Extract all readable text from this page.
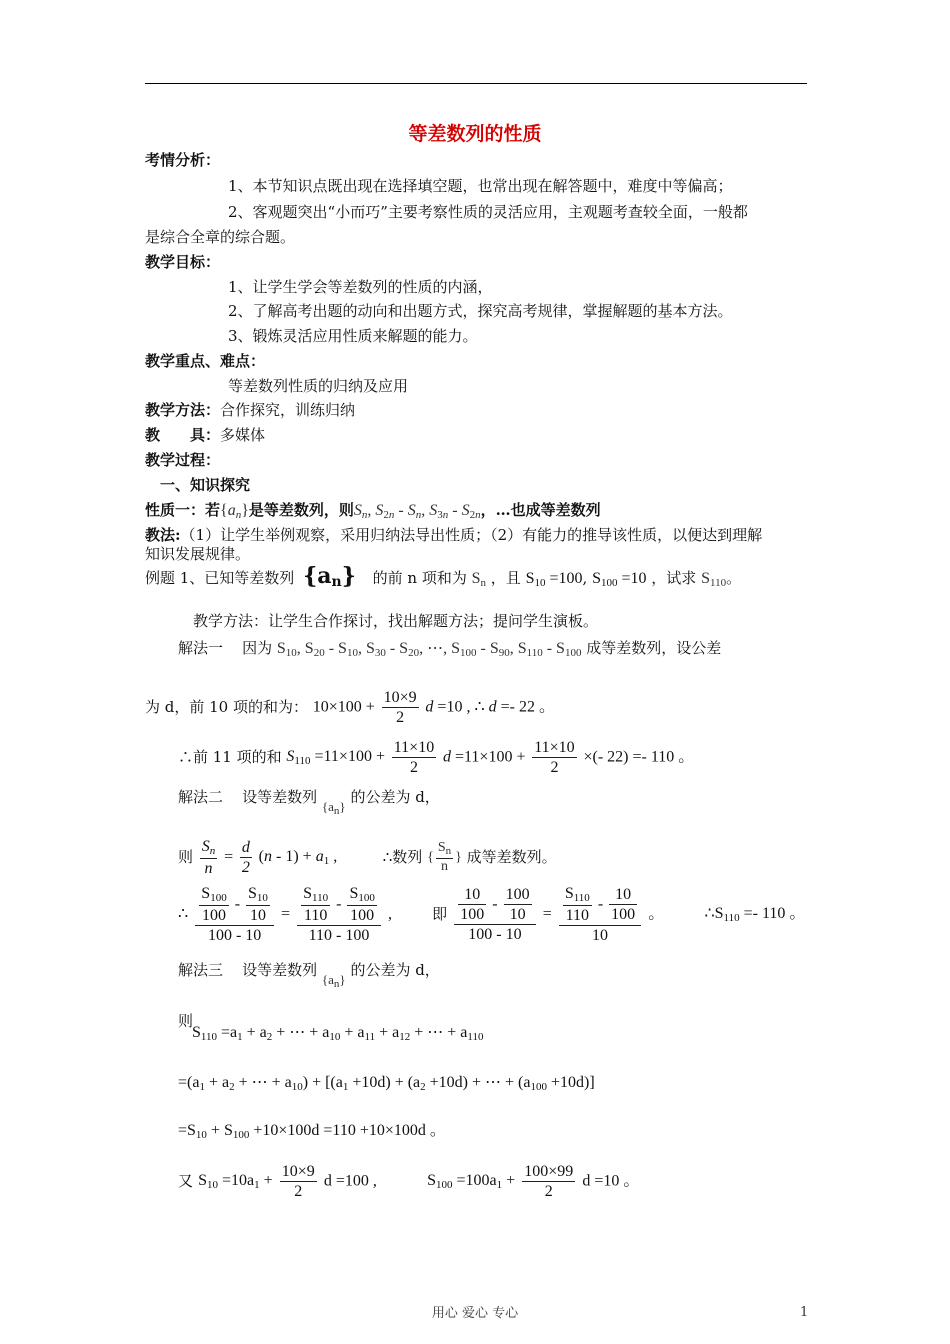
等差数列的性质
考情分析：
1、本节知识点既出现在选择填空题，也常出现在解答题中，难度中等偏高；
2、客观题突出“小而巧”主要考察性质的灵活应用，主观题考查较全面，一般都
是综合全章的综合题。
教学目标：
1、让学生学会等差数列的性质的内涵，
2、了解高考出题的动向和出题方式，探究高考规律，掌握解题的基本方法。
3、锻炼灵活应用性质来解题的能力。
教学重点、难点：
等差数列性质的归纳及应用
教学方法：合作探究，训练归纳
教　　具：多媒体
教学过程：
一、知识探究
性质一：若$\{a_n\}$是等差数列，则$S_n$, $S_{2n} - S_n$, $S_{3n} - S_{2n}$，…也成等差数列
教法:（1）让学生举例观察，采用归纳法导出性质；（2）有能力的推导该性质，以便达到理解
知识发展规律。
例题 1、已知等差数列 $\{a_n\}$ 的前 n 项和为 $S_n$ ，且 $S_{10} =100$, $S_{100} =10$ ，试求 $S_{110}$。
教学方法：让学生合作探讨，找出解题方法；提问学生演板。
解法一 因为 $S_{10}$, $S_{20} - S_{10}$, $S_{30} - S_{20}$, ⋯, $S_{100} - S_{90}$, $S_{110} - S_{100}$ 成等差数列，设公差
为 d，前 10 项的和为： $10\times 100 + \frac{10\times 9}{2}$ d =10 , ∴ d =- 22 。
∴前 11 项的和 $S_{110} =11\times 100 + \frac{11\times 10}{2}$ $d =11\times 100 + \frac{11\times 10}{2}$ ×(- 22) =- 110 。
解法二 设等差数列 $\{a_n\}$ 的公差为 d，
则 $\frac{S_n}{n} = \frac{d}{2} (n - 1) + a_1$ ,	∴数列 { $\frac{S_n}{n}$ } 成等差数列。
∴ $\frac{\frac{S_{100}}{100} - \frac{S_{10}}{10}}{100 - 10} = \frac{\frac{S_{110}}{110} - \frac{S_{100}}{100}}{110 - 100}$ ,	即 $\frac{\frac{10}{100} - \frac{100}{10}}{100 - 10} = \frac{\frac{S_{110}}{110} - \frac{10}{100}}{10}$ 。	$\therefore S_{110} =- 110$ 。
解法三 设等差数列 $\{a_n\}$ 的公差为 d，
则
$S_{110} =a_1 + a_2$ + ⋯ + $a_{10} + a_{11} + a_{12}$ + ⋯ + $a_{110}$
$=(a_1 + a_2$ + ⋯ + $a_{10}) + [(a_1 +10d) + (a_2 +10d)$ + ⋯ + $(a_{100} +10d)$]
$=S_{10} + S_{100} +10\times 100d =110 +10\times 100d$ 。
又 $S_{10} =10a_1 + \frac{10\times 9}{2}$ d =100 ,	$S_{100} =100a_1 + \frac{100\times 99}{2}$ d =10 。
用心 爱心 专心	1
